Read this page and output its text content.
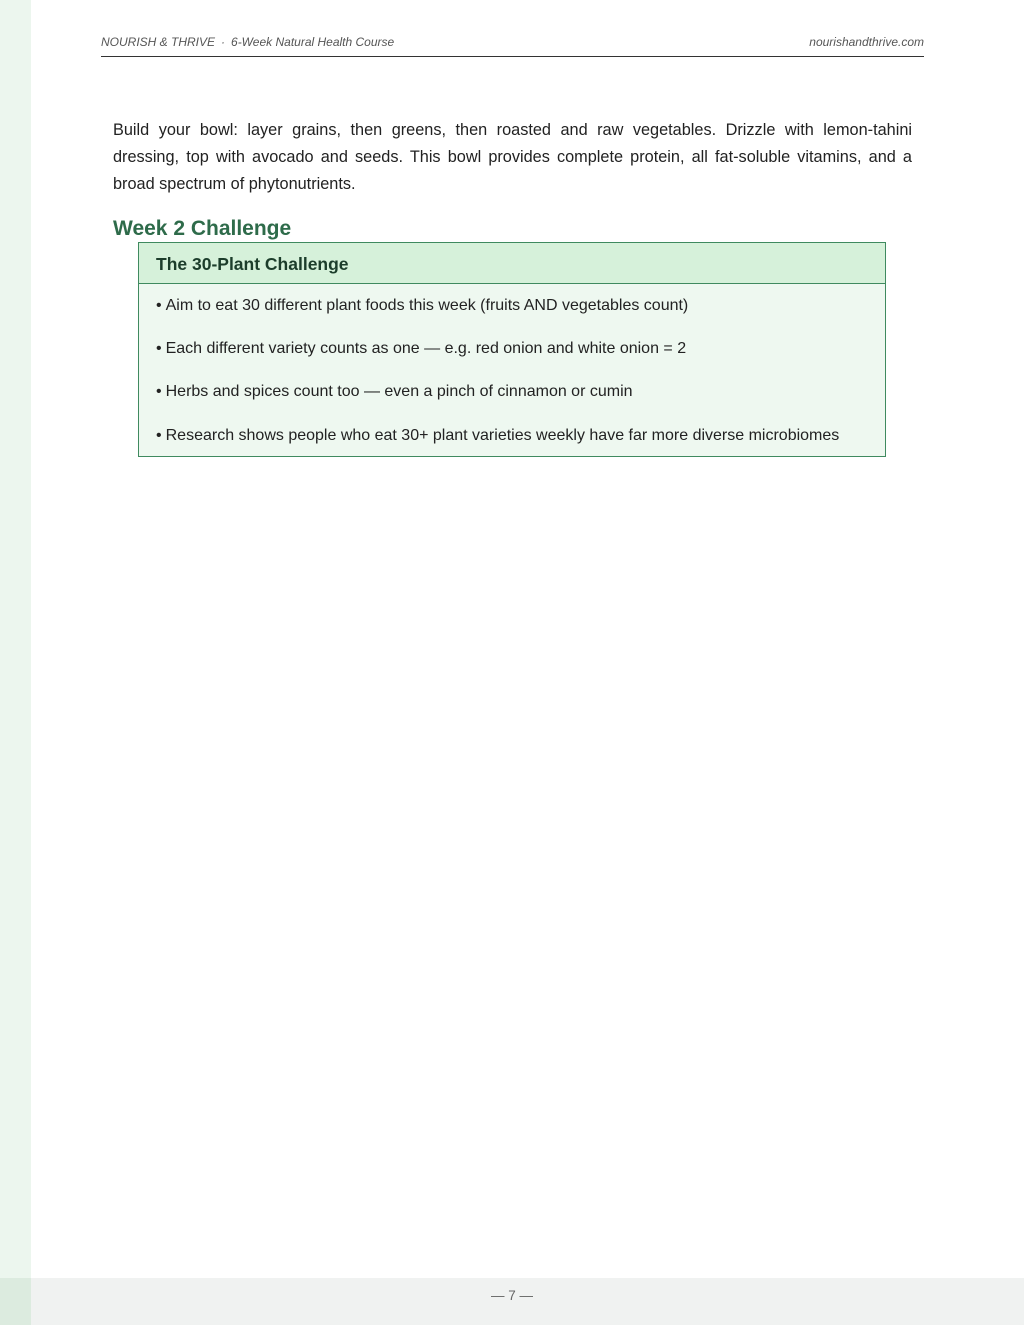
NOURISH & THRIVE · 6-Week Natural Health Course	nourishandthrive.com

Build your bowl: layer grains, then greens, then roasted and raw vegetables. Drizzle with lemon-tahini dressing, top with avocado and seeds. This bowl provides complete protein, all fat-soluble vitamins, and a broad spectrum of phytonutrients.

Week 2 Challenge
The 30-Plant Challenge
• Aim to eat 30 different plant foods this week (fruits AND vegetables count)
• Each different variety counts as one — e.g. red onion and white onion = 2
• Herbs and spices count too — even a pinch of cinnamon or cumin
• Research shows people who eat 30+ plant varieties weekly have far more diverse microbiomes
— 7 —
